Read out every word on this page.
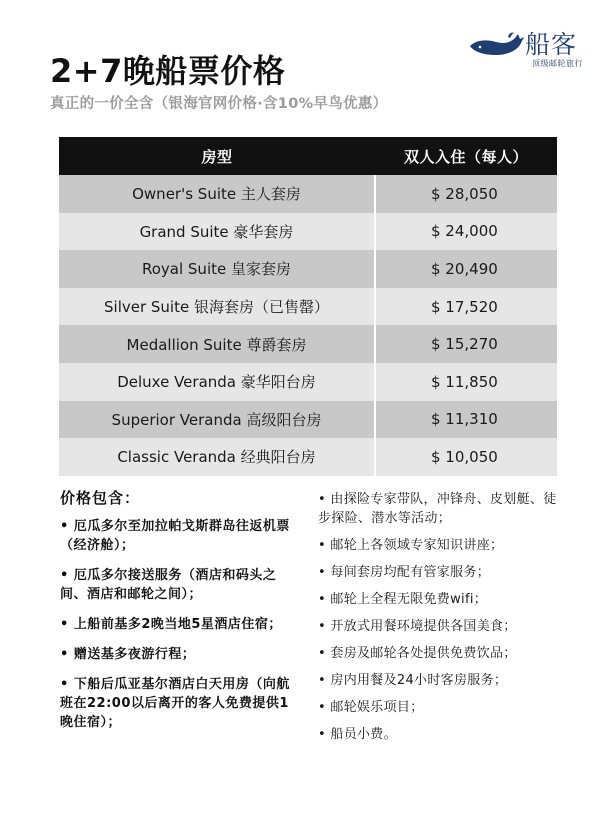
2+7晚船票价格
真正的一价全含（银海官网价格·含10%早鸟优惠）
船客
顶级邮轮旅行
房型	双人入住（每人）
Owner's Suite 主人套房	$ 28,050
Grand Suite 豪华套房	$ 24,000
Royal Suite 皇家套房	$ 20,490
Silver Suite 银海套房（已售罄）	$ 17,520
Medallion Suite 尊爵套房	$ 15,270
Deluxe Veranda 豪华阳台房	$ 11,850
Superior Veranda 高级阳台房	$ 11,310
Classic Veranda 经典阳台房	$ 10,050
价格包含：
• 厄瓜多尔至加拉帕戈斯群岛往返机票（经济舱）；
• 厄瓜多尔接送服务（酒店和码头之间、酒店和邮轮之间）；
• 上船前基多2晚当地5星酒店住宿；
• 赠送基多夜游行程；
• 下船后瓜亚基尔酒店白天用房（向航班在22:00以后离开的客人免费提供1晚住宿）；
• 由探险专家带队，冲锋舟、皮划艇、徒步探险、潜水等活动；
• 邮轮上各领域专家知识讲座；
• 每间套房均配有管家服务；
• 邮轮上全程无限免费wifi；
• 开放式用餐环境提供各国美食；
• 套房及邮轮各处提供免费饮品；
• 房内用餐及24小时客房服务；
• 邮轮娱乐项目；
• 船员小费。
